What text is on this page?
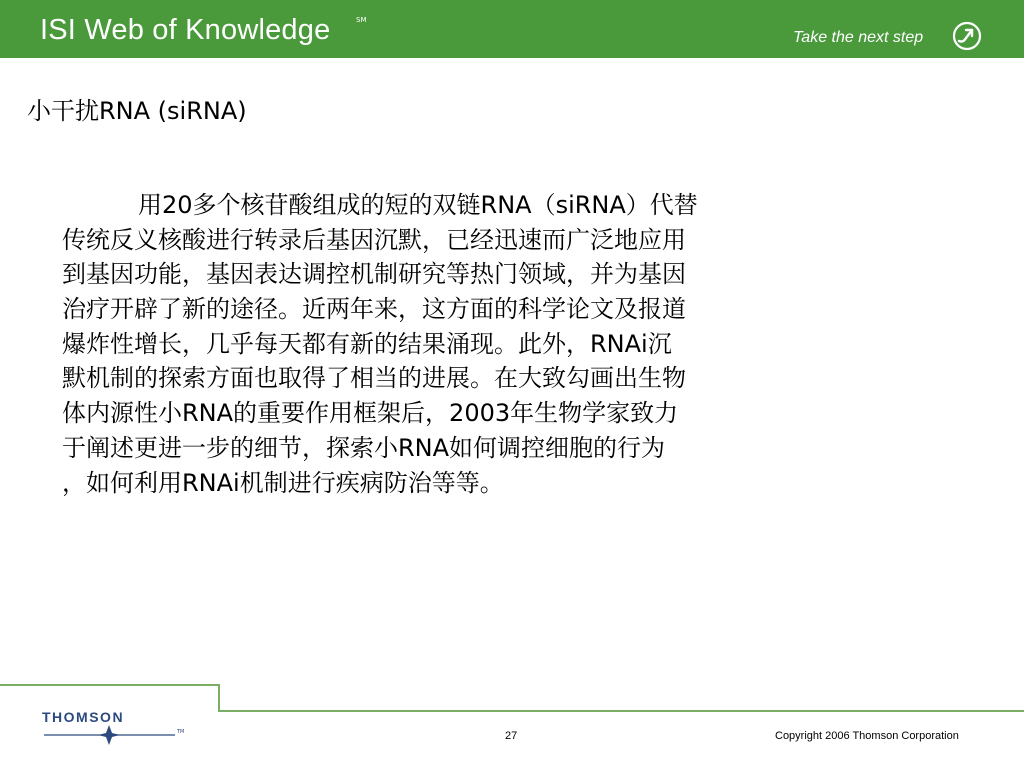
ISI Web of Knowledge	SM
Take the next step
小干扰RNA (siRNA)
用20多个核苷酸组成的短的双链RNA（siRNA）代替
传统反义核酸进行转录后基因沉默，已经迅速而广泛地应用
到基因功能，基因表达调控机制研究等热门领域，并为基因
治疗开辟了新的途径。近两年来，这方面的科学论文及报道
爆炸性增长，几乎每天都有新的结果涌现。此外，RNAi沉
默机制的探索方面也取得了相当的进展。在大致勾画出生物
体内源性小RNA的重要作用框架后，2003年生物学家致力
于阐述更进一步的细节，探索小RNA如何调控细胞的行为
，如何利用RNAi机制进行疾病防治等等。
THOMSON
TM	27	Copyright 2006 Thomson Corporation
